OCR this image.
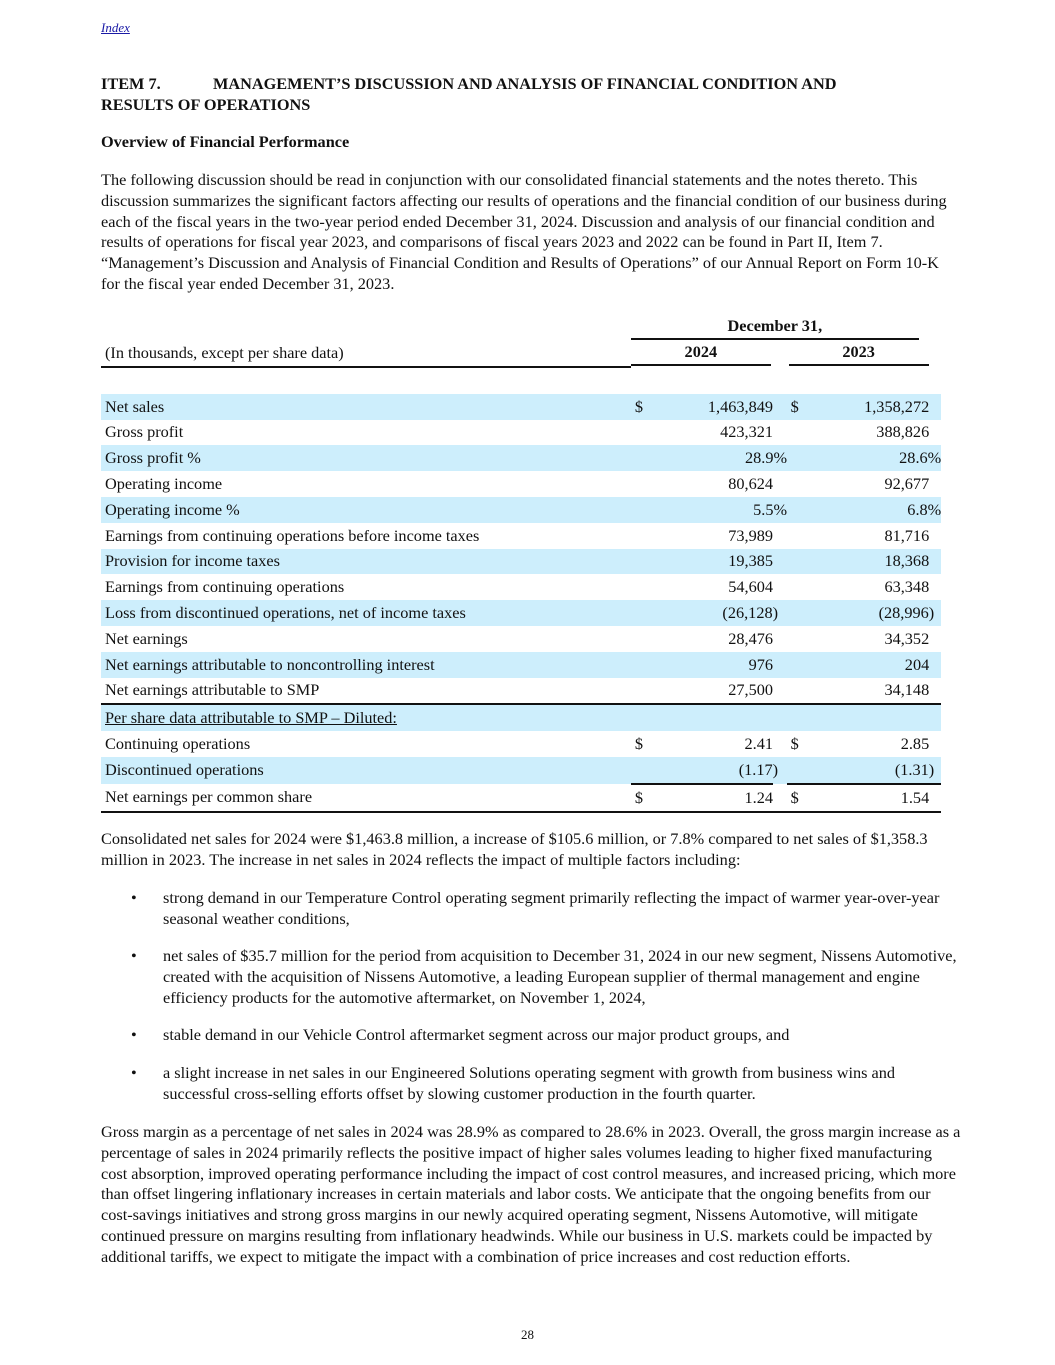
Index
ITEM 7.	MANAGEMENT’S DISCUSSION AND ANALYSIS OF FINANCIAL CONDITION AND
RESULTS OF OPERATIONS
Overview of Financial Performance
The following discussion should be read in conjunction with our consolidated financial statements and the notes thereto. This discussion summarizes the significant factors affecting our results of operations and the financial condition of our business during each of the fiscal years in the two-year period ended December 31, 2024. Discussion and analysis of our financial condition and results of operations for fiscal year 2023, and comparisons of fiscal years 2023 and 2022 can be found in Part II, Item 7. “Management’s Discussion and Analysis of Financial Condition and Results of Operations” of our Annual Report on Form 10-K for the fiscal year ended December 31, 2023.

	December 31,					

(In thousands, except per share data)	2024			2023		

Net sales	$	1,463,849		$	1,358,272	
Gross profit		423,321			388,826	
Gross profit %		28.9%			28.6%	
Operating income		80,624			92,677	
Operating income %		5.5%			6.8%	
Earnings from continuing operations before income taxes		73,989			81,716	
Provision for income taxes		19,385			18,368	
Earnings from continuing operations		54,604			63,348	
Loss from discontinued operations, net of income taxes		(26,128)			(28,996)	
Net earnings		28,476			34,352	
Net earnings attributable to noncontrolling interest		976			204	
Net earnings attributable to SMP		27,500			34,148	
Per share data attributable to SMP – Diluted:						
Continuing operations	$	2.41		$	2.85	
Discontinued operations		(1.17)			(1.31)	
Net earnings per common share	$	1.24		$	1.54	
Consolidated net sales for 2024 were $1,463.8 million, a increase of $105.6 million, or 7.8% compared to net sales of $1,358.3 million in 2023. The increase in net sales in 2024 reflects the impact of multiple factors including:
• strong demand in our Temperature Control operating segment primarily reflecting the impact of warmer year-over-year seasonal weather conditions,
• net sales of $35.7 million for the period from acquisition to December 31, 2024 in our new segment, Nissens Automotive, created with the acquisition of Nissens Automotive, a leading European supplier of thermal management and engine efficiency products for the automotive aftermarket, on November 1, 2024,
• stable demand in our Vehicle Control aftermarket segment across our major product groups, and
• a slight increase in net sales in our Engineered Solutions operating segment with growth from business wins and successful cross-selling efforts offset by slowing customer production in the fourth quarter.
Gross margin as a percentage of net sales in 2024 was 28.9% as compared to 28.6% in 2023. Overall, the gross margin increase as a percentage of sales in 2024 primarily reflects the positive impact of higher sales volumes leading to higher fixed manufacturing cost absorption, improved operating performance including the impact of cost control measures, and increased pricing, which more than offset lingering inflationary increases in certain materials and labor costs. We anticipate that the ongoing benefits from our cost-savings initiatives and strong gross margins in our newly acquired operating segment, Nissens Automotive, will mitigate continued pressure on margins resulting from inflationary headwinds. While our business in U.S. markets could be impacted by additional tariffs, we expect to mitigate the impact with a combination of price increases and cost reduction efforts.
28
